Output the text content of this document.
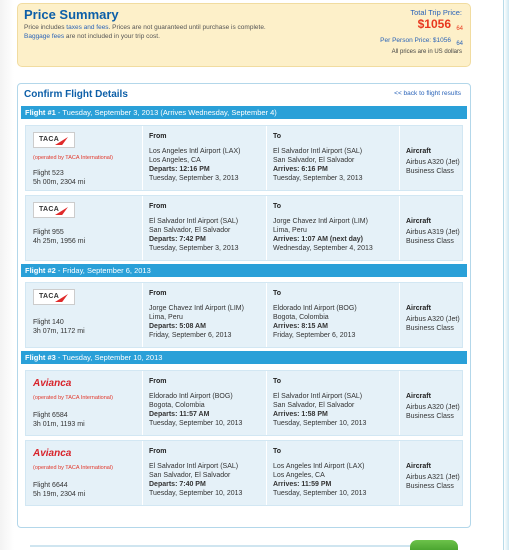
Price Summary
Price includes taxes and fees. Prices are not guaranteed until purchase is complete.
Baggage fees are not included in your trip cost.
Total Trip Price:
$1056 64
Per Person Price: $1056 64
All prices are in US dollars
Confirm Flight Details	<< back to flight results
Flight #1 - Tuesday, September 3, 2013 (Arrives Wednesday, September 4)
TACA
(operated by TACA International)
Flight 523
5h 00m, 2304 mi
From
Los Angeles Intl Airport (LAX)
Los Angeles, CA
Departs: 12:16 PM
Tuesday, September 3, 2013
To
El Salvador Intl Airport (SAL)
San Salvador, El Salvador
Arrives: 6:16 PM
Tuesday, September 3, 2013
Aircraft
Airbus A320 (Jet)
Business Class
TACA
Flight 955
4h 25m, 1956 mi
From
El Salvador Intl Airport (SAL)
San Salvador, El Salvador
Departs: 7:42 PM
Tuesday, September 3, 2013
To
Jorge Chavez Intl Airport (LIM)
Lima, Peru
Arrives: 1:07 AM (next day)
Wednesday, September 4, 2013
Aircraft
Airbus A319 (Jet)
Business Class
Flight #2 - Friday, September 6, 2013
TACA
Flight 140
3h 07m, 1172 mi
From
Jorge Chavez Intl Airport (LIM)
Lima, Peru
Departs: 5:08 AM
Friday, September 6, 2013
To
Eldorado Intl Airport (BOG)
Bogota, Colombia
Arrives: 8:15 AM
Friday, September 6, 2013
Aircraft
Airbus A320 (Jet)
Business Class
Flight #3 - Tuesday, September 10, 2013
Avianca
(operated by TACA International)
Flight 6584
3h 01m, 1193 mi
From
Eldorado Intl Airport (BOG)
Bogota, Colombia
Departs: 11:57 AM
Tuesday, September 10, 2013
To
El Salvador Intl Airport (SAL)
San Salvador, El Salvador
Arrives: 1:58 PM
Tuesday, September 10, 2013
Aircraft
Airbus A320 (Jet)
Business Class
Avianca
(operated by TACA International)
Flight 6644
5h 19m, 2304 mi
From
El Salvador Intl Airport (SAL)
San Salvador, El Salvador
Departs: 7:40 PM
Tuesday, September 10, 2013
To
Los Angeles Intl Airport (LAX)
Los Angeles, CA
Arrives: 11:59 PM
Tuesday, September 10, 2013
Aircraft
Airbus A321 (Jet)
Business Class
